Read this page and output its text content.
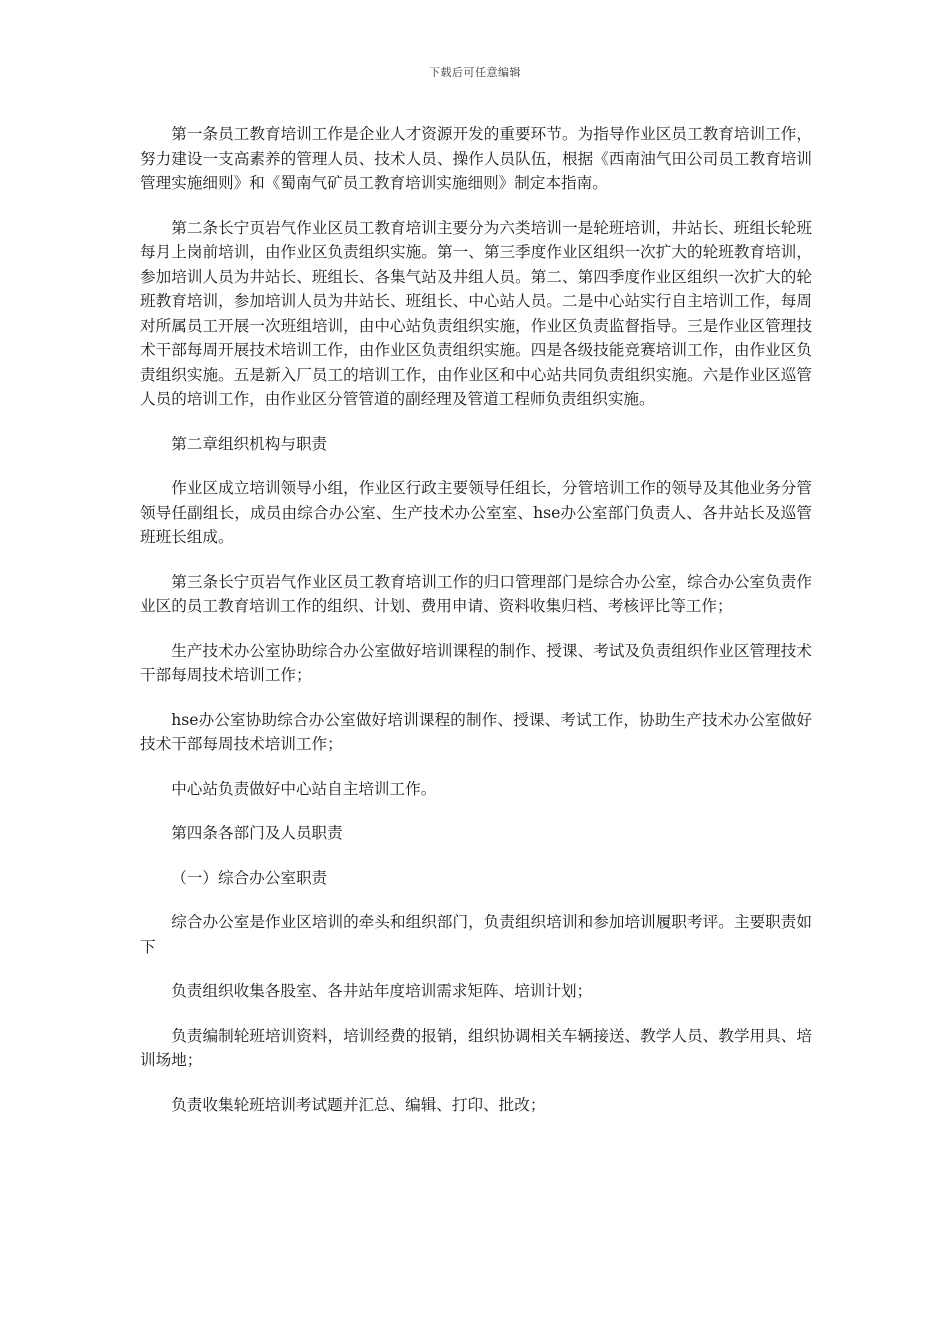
下载后可任意编辑

第一条员工教育培训工作是企业人才资源开发的重要环节。为指导作业区员工教育培训工作，努力建设一支高素养的管理人员、技术人员、操作人员队伍，根据《西南油气田公司员工教育培训管理实施细则》和《蜀南气矿员工教育培训实施细则》制定本指南。

第二条长宁页岩气作业区员工教育培训主要分为六类培训一是轮班培训，井站长、班组长轮班每月上岗前培训，由作业区负责组织实施。第一、第三季度作业区组织一次扩大的轮班教育培训，参加培训人员为井站长、班组长、各集气站及井组人员。第二、第四季度作业区组织一次扩大的轮班教育培训，参加培训人员为井站长、班组长、中心站人员。二是中心站实行自主培训工作，每周对所属员工开展一次班组培训，由中心站负责组织实施，作业区负责监督指导。三是作业区管理技术干部每周开展技术培训工作，由作业区负责组织实施。四是各级技能竞赛培训工作，由作业区负责组织实施。五是新入厂员工的培训工作，由作业区和中心站共同负责组织实施。六是作业区巡管人员的培训工作，由作业区分管管道的副经理及管道工程师负责组织实施。

第二章组织机构与职责

作业区成立培训领导小组，作业区行政主要领导任组长，分管培训工作的领导及其他业务分管领导任副组长，成员由综合办公室、生产技术办公室室、hse办公室部门负责人、各井站长及巡管班班长组成。

第三条长宁页岩气作业区员工教育培训工作的归口管理部门是综合办公室，综合办公室负责作业区的员工教育培训工作的组织、计划、费用申请、资料收集归档、考核评比等工作；

生产技术办公室协助综合办公室做好培训课程的制作、授课、考试及负责组织作业区管理技术干部每周技术培训工作；

hse办公室协助综合办公室做好培训课程的制作、授课、考试工作，协助生产技术办公室做好技术干部每周技术培训工作；

中心站负责做好中心站自主培训工作。

第四条各部门及人员职责

（一）综合办公室职责

综合办公室是作业区培训的牵头和组织部门，负责组织培训和参加培训履职考评。主要职责如下

负责组织收集各股室、各井站年度培训需求矩阵、培训计划；

负责编制轮班培训资料，培训经费的报销，组织协调相关车辆接送、教学人员、教学用具、培训场地；

负责收集轮班培训考试题并汇总、编辑、打印、批改；
